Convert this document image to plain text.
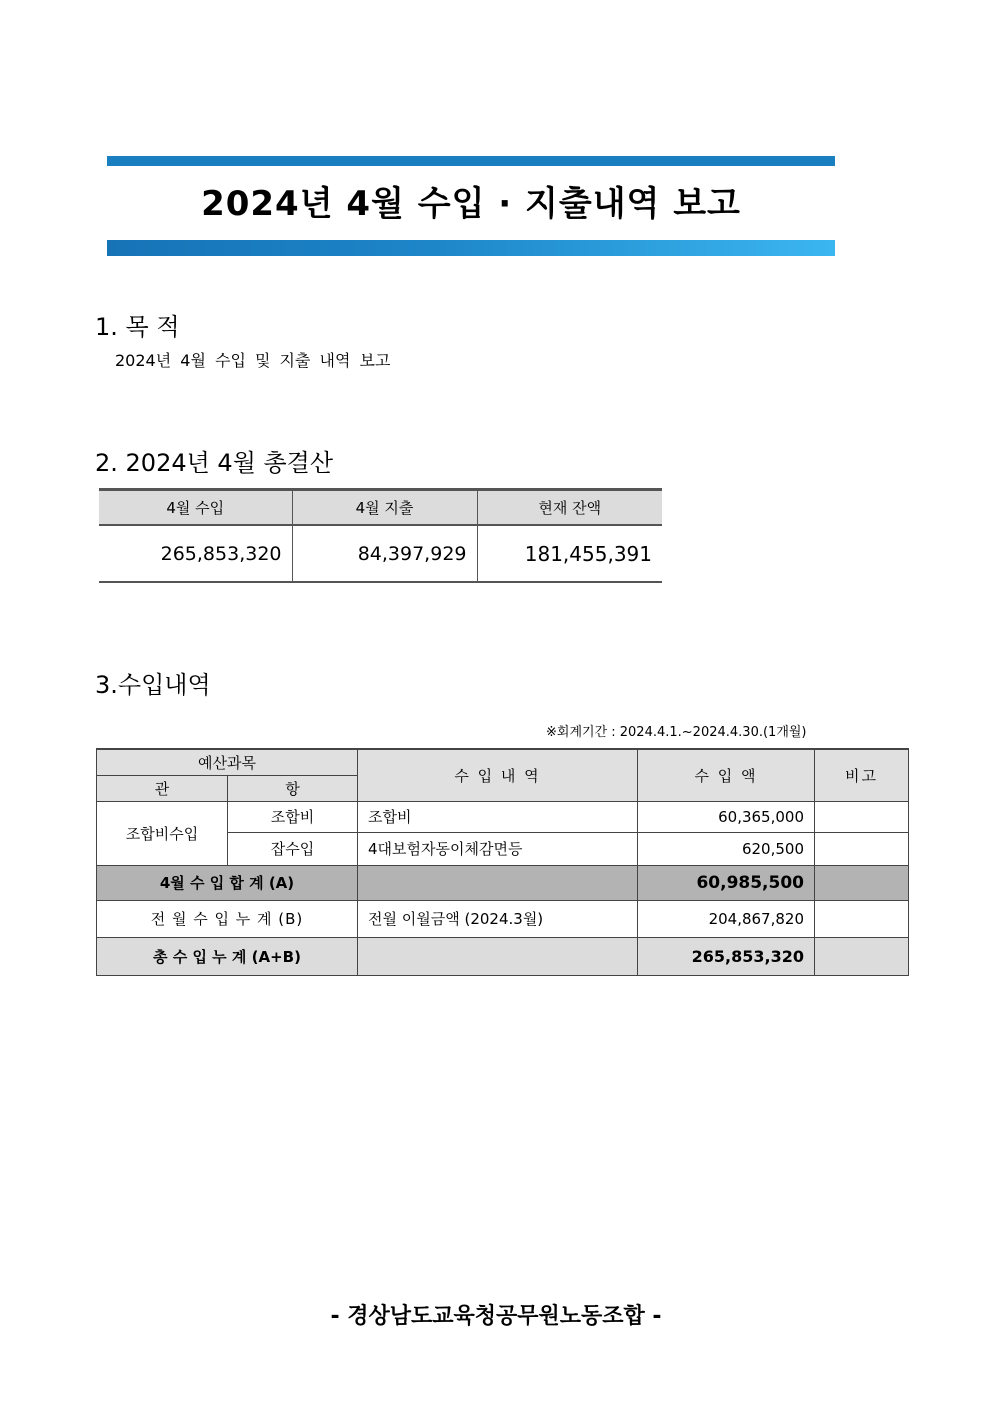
2024년 4월 수입 · 지출내역 보고
1. 목 적
2024년 4월 수입 및 지출 내역 보고
2. 2024년 4월 총결산
4월 수입	4월 지출	현재 잔액
265,853,320	84,397,929	181,455,391
3.수입내역
※회계기간 : 2024.4.1.~2024.4.30.(1개월)
예산과목		수 입 내 역	수 입 액	비고
관	항			
조합비수입	조합비	조합비	60,365,000	
	잡수입	4대보험자동이체감면등	620,500	
4월 수 입 합 계 (A)			60,985,500	
전 월 수 입 누 계 (B)		전월 이월금액 (2024.3월)	204,867,820	
총 수 입 누 계 (A+B)			265,853,320	
- 경상남도교육청공무원노동조합 -
